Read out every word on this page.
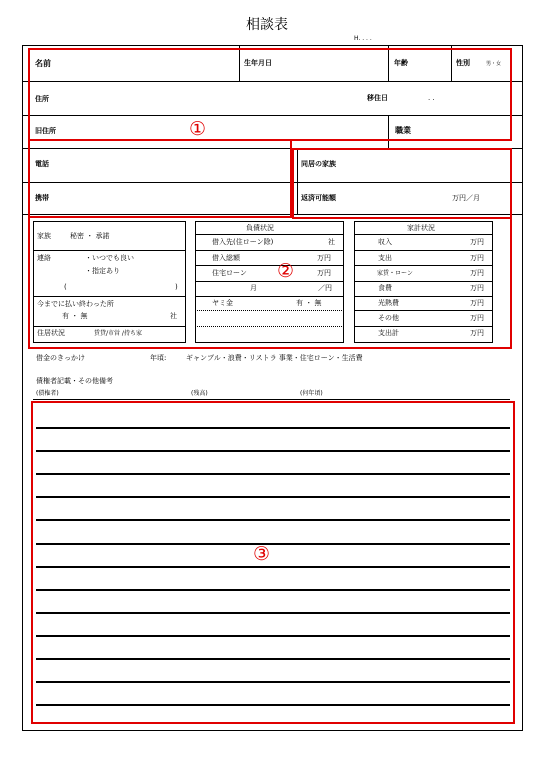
相談表
H. . . .
名前	生年月日	年齢	性別	男・女
住所	移住日	. .
旧住所	職業
電話	同居の家族
携帯	返済可能額	万円／月
家族	秘密 ・ 承諾
連絡	・いつでも良い
・指定あり
(	)
今までに払い終わった所
有 ・ 無	社
住居状況	賃貸/市営 /持ち家
負債状況
借入先(住ローン除)	社
借入総額	万円
住宅ローン	万円
月	／円
ヤミ金	有 ・ 無
家計状況
収入	万円
支出	万円
家賃・ローン	万円
食費	万円
光熱費	万円
その他	万円
支出計	万円
借金のきっかけ	年頃:	ギャンブル・浪費・リストラ 事業・住宅ローン・生活費
債権者記載・その他備考
(債権者)	(残高)	(何年頃)
①
②
③
